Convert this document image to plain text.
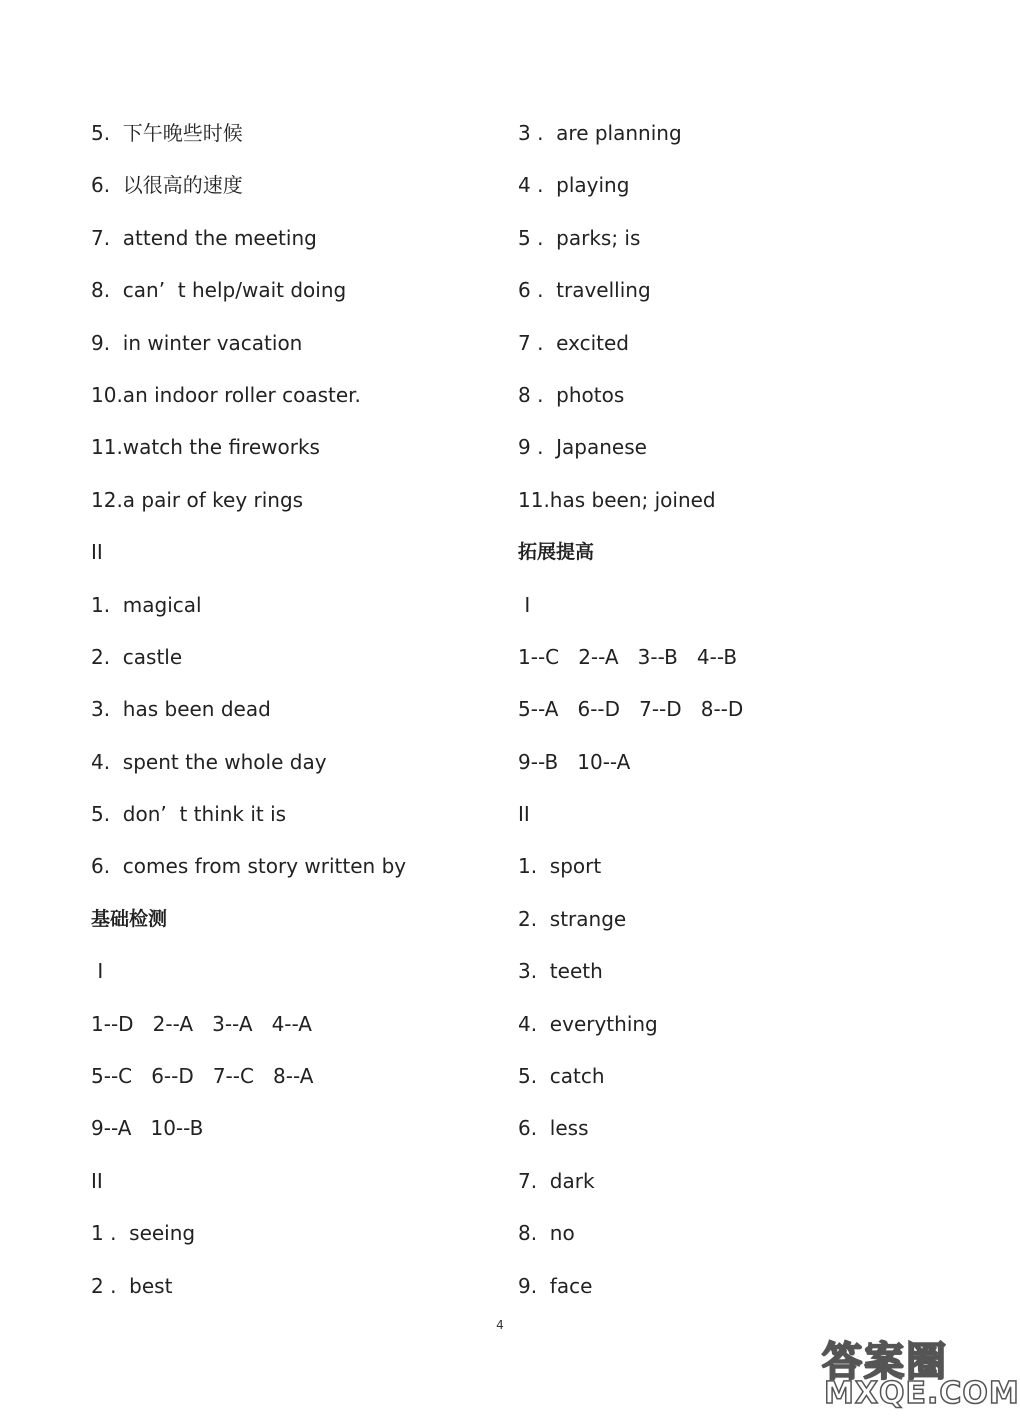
5.  下午晚些时候
6.  以很高的速度
7.  attend the meeting
8.  can’  t help/wait doing
9.  in winter vacation
10.an indoor roller coaster.
11.watch the fireworks
12.a pair of key rings
II
1.  magical
2.  castle
3.  has been dead
4.  spent the whole day
5.  don’  t think it is
6.  comes from story written by
基础检测
I
1--D   2--A   3--A   4--A
5--C   6--D   7--C   8--A
9--A   10--B
II
1 .  seeing
2 .  best
3 .  are planning
4 .  playing
5 .  parks; is
6 .  travelling
7 .  excited
8 .  photos
9 .  Japanese
11.has been; joined
拓展提高
I
1--C   2--A   3--B   4--B
5--A   6--D   7--D   8--D
9--B   10--A
II
1.  sport
2.  strange
3.  teeth
4.  everything
5.  catch
6.  less
7.  dark
8.  no
9.  face
4
答案圈
MXQE.COM
